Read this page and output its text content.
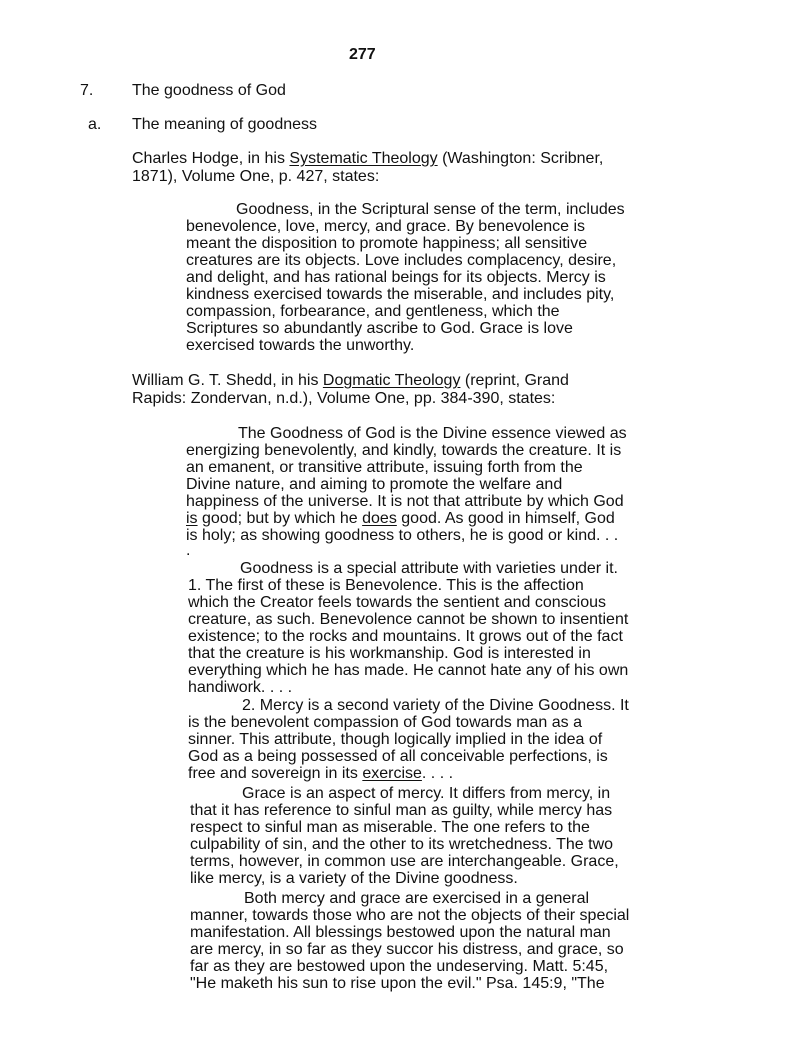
277
7. The goodness of God
a. The meaning of goodness
Charles Hodge, in his Systematic Theology (Washington: Scribner,
1871), Volume One, p. 427, states:
Goodness, in the Scriptural sense of the term, includes
benevolence, love, mercy, and grace. By benevolence is
meant the disposition to promote happiness; all sensitive
creatures are its objects. Love includes complacency, desire,
and delight, and has rational beings for its objects. Mercy is
kindness exercised towards the miserable, and includes pity,
compassion, forbearance, and gentleness, which the
Scriptures so abundantly ascribe to God. Grace is love
exercised towards the unworthy.
William G. T. Shedd, in his Dogmatic Theology (reprint, Grand
Rapids: Zondervan, n.d.), Volume One, pp. 384-390, states:
The Goodness of God is the Divine essence viewed as
energizing benevolently, and kindly, towards the creature. It is
an emanent, or transitive attribute, issuing forth from the
Divine nature, and aiming to promote the welfare and
happiness of the universe. It is not that attribute by which God
is good; but by which he does good. As good in himself, God
is holy; as showing goodness to others, he is good or kind. . .
.
Goodness is a special attribute with varieties under it.
1. The first of these is Benevolence. This is the affection
which the Creator feels towards the sentient and conscious
creature, as such. Benevolence cannot be shown to insentient
existence; to the rocks and mountains. It grows out of the fact
that the creature is his workmanship. God is interested in
everything which he has made. He cannot hate any of his own
handiwork. . . .
2. Mercy is a second variety of the Divine Goodness. It
is the benevolent compassion of God towards man as a
sinner. This attribute, though logically implied in the idea of
God as a being possessed of all conceivable perfections, is
free and sovereign in its exercise. . . .
Grace is an aspect of mercy. It differs from mercy, in
that it has reference to sinful man as guilty, while mercy has
respect to sinful man as miserable. The one refers to the
culpability of sin, and the other to its wretchedness. The two
terms, however, in common use are interchangeable. Grace,
like mercy, is a variety of the Divine goodness.
Both mercy and grace are exercised in a general
manner, towards those who are not the objects of their special
manifestation. All blessings bestowed upon the natural man
are mercy, in so far as they succor his distress, and grace, so
far as they are bestowed upon the undeserving. Matt. 5:45,
"He maketh his sun to rise upon the evil." Psa. 145:9, "The
